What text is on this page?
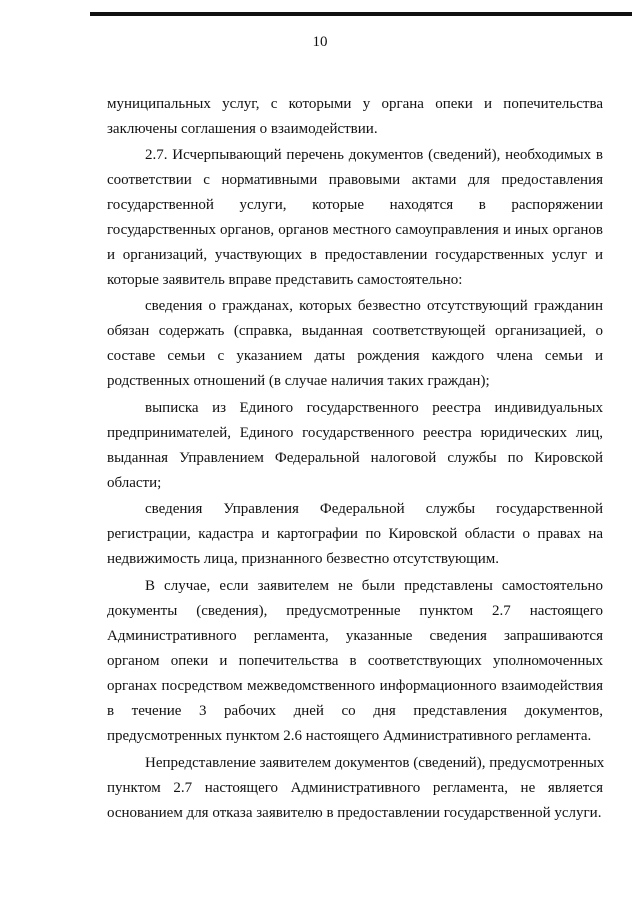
10
муниципальных услуг, с которыми у органа опеки и попечительства
заключены соглашения о взаимодействии.
2.7. Исчерпывающий перечень документов (сведений), необходимых в
соответствии с нормативными правовыми актами для предоставления
государственной услуги, которые находятся в распоряжении
государственных органов, органов местного самоуправления и иных органов
и организаций, участвующих в предоставлении государственных услуг и
которые заявитель вправе представить самостоятельно:
сведения о гражданах, которых безвестно отсутствующий гражданин
обязан содержать (справка, выданная соответствующей организацией, о
составе семьи с указанием даты рождения каждого члена семьи и
родственных отношений (в случае наличия таких граждан);
выписка из Единого государственного реестра индивидуальных
предпринимателей, Единого государственного реестра юридических лиц,
выданная Управлением Федеральной налоговой службы по Кировской
области;
сведения Управления Федеральной службы государственной
регистрации, кадастра и картографии по Кировской области о правах на
недвижимость лица, признанного безвестно отсутствующим.
В случае, если заявителем не были представлены самостоятельно
документы (сведения), предусмотренные пунктом 2.7 настоящего
Административного регламента, указанные сведения запрашиваются
органом опеки и попечительства в соответствующих уполномоченных
органах посредством межведомственного информационного взаимодействия
в течение 3 рабочих дней со дня представления документов,
предусмотренных пунктом 2.6 настоящего Административного регламента.
Непредставление заявителем документов (сведений), предусмотренных
пунктом 2.7 настоящего Административного регламента, не является
основанием для отказа заявителю в предоставлении государственной услуги.
